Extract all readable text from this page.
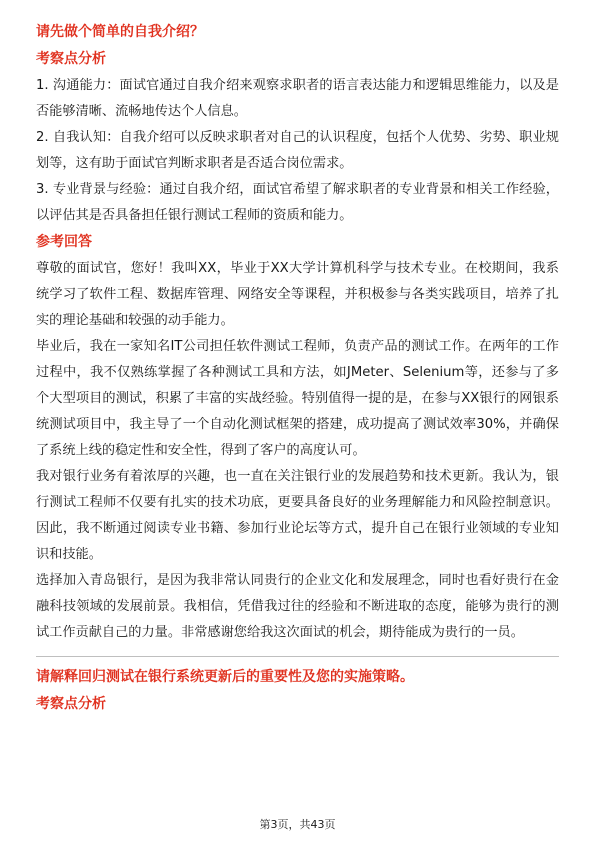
请先做个简单的自我介绍？
考察点分析

1. 沟通能力：面试官通过自我介绍来观察求职者的语言表达能力和逻辑思维能力，以及是否能够清晰、流畅地传达个人信息。

2. 自我认知：自我介绍可以反映求职者对自己的认识程度，包括个人优势、劣势、职业规划等，这有助于面试官判断求职者是否适合岗位需求。

3. 专业背景与经验：通过自我介绍，面试官希望了解求职者的专业背景和相关工作经验，以评估其是否具备担任银行测试工程师的资质和能力。

参考回答

尊敬的面试官，您好！我叫XX，毕业于XX大学计算机科学与技术专业。在校期间，我系统学习了软件工程、数据库管理、网络安全等课程，并积极参与各类实践项目，培养了扎实的理论基础和较强的动手能力。

毕业后，我在一家知名IT公司担任软件测试工程师，负责产品的测试工作。在两年的工作过程中，我不仅熟练掌握了各种测试工具和方法，如JMeter、Selenium等，还参与了多个大型项目的测试，积累了丰富的实战经验。特别值得一提的是，在参与XX银行的网银系统测试项目中，我主导了一个自动化测试框架的搭建，成功提高了测试效率30%，并确保了系统上线的稳定性和安全性，得到了客户的高度认可。

我对银行业务有着浓厚的兴趣，也一直在关注银行业的发展趋势和技术更新。我认为，银行测试工程师不仅要有扎实的技术功底，更要具备良好的业务理解能力和风险控制意识。因此，我不断通过阅读专业书籍、参加行业论坛等方式，提升自己在银行业领域的专业知识和技能。

选择加入青岛银行，是因为我非常认同贵行的企业文化和发展理念，同时也看好贵行在金融科技领域的发展前景。我相信，凭借我过往的经验和不断进取的态度，能够为贵行的测试工作贡献自己的力量。非常感谢您给我这次面试的机会，期待能成为贵行的一员。

请解释回归测试在银行系统更新后的重要性及您的实施策略。
考察点分析
第3页，共43页
